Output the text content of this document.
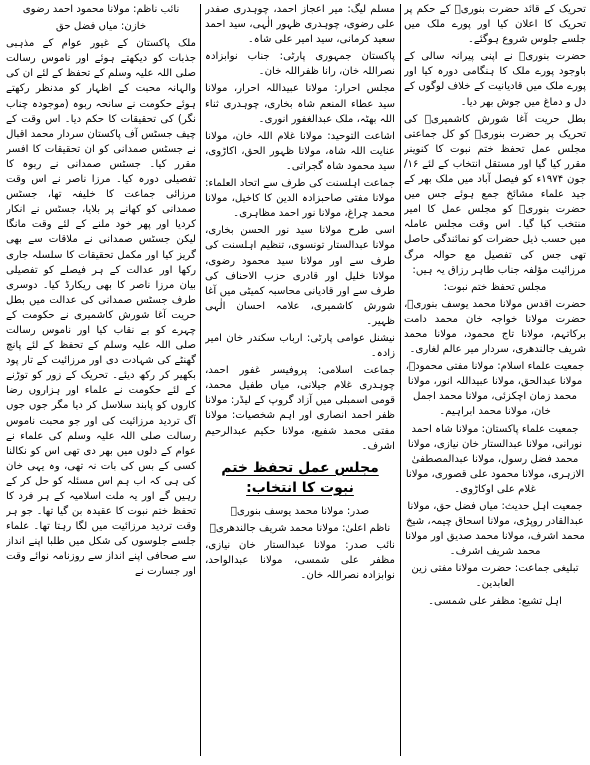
تحریک کے قائد حضرت بنوریؒ کے حکم پر تحریک کا اعلان کیا اور پورے ملک میں جلسے جلوس شروع ہوگئے۔

حضرت بنوریؒ نے اپنی پیرانہ سالی کے باوجود پورے ملک کا ہنگامی دورہ کیا اور پورے ملک میں قادیانیت کے خلاف لوگوں کے دل و دماغ میں جوش بھر دیا۔

بطل حریت آغا شورش کاشمیریؒ کی تحریک پر حضرت بنوریؒ کو کل جماعتی مجلس عمل تحفظ ختم نبوت کا کنوینر مقرر کیا گیا اور مستقل انتخاب کے لئے ۱۶/ جون ۱۹۷۴ء کو فیصل آباد میں ملک بھر کے جید علماء مشائخ جمع ہوئے جس میں حضرت بنوریؒ کو مجلس عمل کا امیر منتخب کیا گیا۔ اس وقت مجلس عاملہ میں حسب ذیل حضرات کو نمائندگی حاصل تھی جس کی تفصیل مع حوالہ مرگ مرزائیت مؤلفہ جناب طاہر رزاق یہ ہیں:

مجلس تحفظ ختم نبوت:

حضرت اقدس مولانا محمد یوسف بنوریؒ، حضرت مولانا خواجہ خان محمد دامت برکاتہم، مولانا تاج محمود، مولانا محمد شریف جالندھری، سردار میر عالم لغاری۔

جمعیت علماء اسلام: مولانا مفتی محمودؒ، مولانا عبدالحق، مولانا عبیداللہ انور، مولانا محمد زمان اچکزئی، مولانا محمد اجمل خان، مولانا محمد ابراہیم۔

جمعیت علماء پاکستان: مولانا شاہ احمد نورانی، مولانا عبدالستار خان نیازی، مولانا محمد فضل رسول، مولانا عبدالمصطفیٰ الازہری، مولانا محمود علی قصوری، مولانا غلام علی اوکاڑوی۔

جمعیت اہل حدیث: میاں فضل حق، مولانا عبدالقادر روپڑی، مولانا اسحاق چیمہ، شیخ محمد اشرف، مولانا محمد صدیق اور مولانا محمد شریف اشرف۔

تبلیغی جماعت: حضرت مولانا مفتی زین العابدین۔

اہل تشیع: مظفر علی شمسی۔

مسلم لیگ: میر اعجاز احمد، چوہدری صفدر علی رضوی، چوہدری ظہور الٰہی، سید احمد سعید کرمانی، سید امیر علی شاہ۔

پاکستان جمہوری پارٹی: جناب نوابزادہ نصراللہ خان، رانا ظفراللہ خان۔

مجلس احرار: مولانا عبیداللہ احرار، مولانا سید عطاء المنعم شاہ بخاری، چوہدری ثناء اللہ بھٹہ، ملک عبدالغفور انوری۔

اشاعت التوحید: مولانا غلام اللہ خان، مولانا عنایت اللہ شاہ، مولانا ظہور الحق، اکاڑوی، سید محمود شاہ گجراتی۔

جماعت اہلسنت کی طرف سے اتحاد العلماء: مولانا مفتی صاحبزادہ الدین کا کاخیل، مولانا محمد چراغ، مولانا نور احمد مظاہری۔

اسی طرح مولانا سید نور الحسن بخاری، مولانا عبدالستار تونسوی، تنظیم اہلسنت کی طرف سے اور مولانا سید محمود رضوی، مولانا خلیل اور قادری حزب الاحناف کی طرف سے اور قادیانی محاسبہ کمیٹی میں آغا شورش کاشمیری، علامہ احسان الٰہی ظہیر۔

نیشنل عوامی پارٹی: ارباب سکندر خان امیر زادہ۔

جماعت اسلامی: پروفیسر غفور احمد، چوہدری غلام جیلانی، میاں طفیل محمد، قومی اسمبلی میں آزاد گروپ کے لیڈر: مولانا ظفر احمد انصاری اور اہم شخصیات: مولانا مفتی محمد شفیع، مولانا حکیم عبدالرحیم اشرف۔

مجلس عمل تحفظ ختم نبوت کا انتخاب:

صدر: مولانا محمد یوسف بنوریؒ

ناظم اعلیٰ: مولانا محمد شریف جالندھریؒ

نائب صدر: مولانا عبدالستار خان نیازی، مظفر علی شمسی، مولانا عبدالواحد، نوابزادہ نصراللہ خان۔

نائب ناظم: مولانا محمود احمد رضوی

خازن: میاں فضل حق

ملک پاکستان کے غیور عوام کے مذہبی جذبات کو دیکھتے ہوئے اور ناموس رسالت صلی اللہ علیہ وسلم کے تحفظ کے لئے ان کی والہانہ محبت کے اظہار کو مدنظر رکھتے ہوئے حکومت نے سانحہ ربوہ (موجودہ چناب نگر) کی تحقیقات کا حکم دیا۔ اس وقت کے چیف جسٹس آف پاکستان سردار محمد اقبال نے جسٹس صمدانی کو ان تحقیقات کا افسر مقرر کیا۔ جسٹس صمدانی نے ربوہ کا تفصیلی دورہ کیا۔ مرزا ناصر نے اس وقت مرزائی جماعت کا خلیفہ تھا، جسٹس صمدانی کو کھانے پر بلایا، جسٹس نے انکار کردیا اور پھر خود ملنے کے لئے وقت مانگا لیکن جسٹس صمدانی نے ملاقات سے بھی گریز کیا اور مکمل تحقیقات کا سلسلہ جاری رکھا اور عدالت کے ہر فیصلے کو تفصیلی بیان مرزا ناصر کا بھی ریکارڈ کیا۔ دوسری طرف جسٹس صمدانی کی عدالت میں بطل حریت آغا شورش کاشمیری نے حکومت کے چہرے کو بے نقاب کیا اور ناموس رسالت صلی اللہ علیہ وسلم کے تحفظ کے لئے پانچ گھنٹے کی شہادت دی اور مرزائیت کے تار پود بکھیر کر رکھ دیئے۔ تحریک کے زور کو توڑنے کے لئے حکومت نے علماء اور ہزاروں رضا کاروں کو پابند سلاسل کر دیا مگر جوں جوں آگ تردید مرزائیت کی اور جو محبت ناموس رسالت صلی اللہ علیہ وسلم کی علماء نے عوام کے دلوں میں بھر دی تھی اس کو نکالنا کسی کے بس کی بات نہ تھی، وہ یہی خان کی ہی کہ اب ہم اس مسئلہ کو حل کر کے رہیں گے اور یہ ملت اسلامیہ کے ہر فرد کا تحفظ ختم نبوت کا عقیدہ بن گیا تھا۔ جو ہر وقت تردید مرزائیت میں لگا رہتا تھا۔ علماء جلسے جلوسوں کی شکل میں طلبا اپنے انداز سے صحافی اپنے انداز سے روزنامہ نوائے وقت اور جسارت نے
